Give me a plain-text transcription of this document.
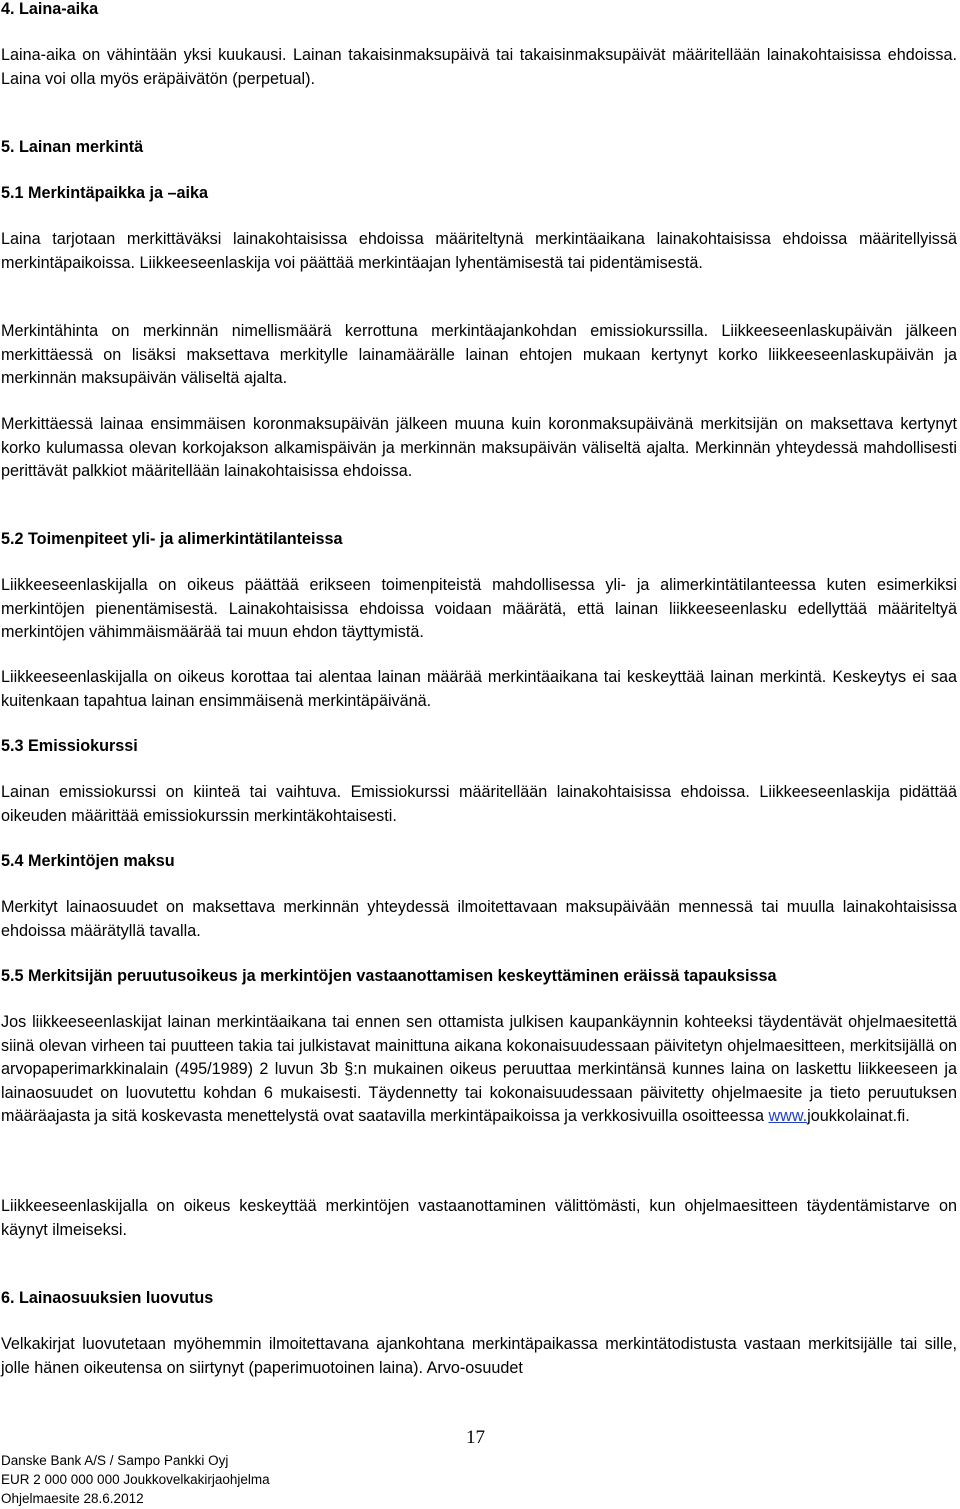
4. Laina-aika
Laina-aika on vähintään yksi kuukausi. Lainan takaisinmaksupäivä tai takaisinmaksupäivät määritellään lainakohtaisissa ehdoissa. Laina voi olla myös eräpäivätön (perpetual).
5. Lainan merkintä
5.1 Merkintäpaikka ja –aika
Laina tarjotaan merkittäväksi lainakohtaisissa ehdoissa määriteltynä merkintäaikana lainakohtaisissa ehdoissa määritellyissä merkintäpaikoissa. Liikkeeseenlaskija voi päättää merkintäajan lyhentämisestä tai pidentämisestä.
Merkintähinta on merkinnän nimellismäärä kerrottuna merkintäajankohdan emissiokurssilla. Liikkeeseenlaskupäivän jälkeen merkittäessä on lisäksi maksettava merkitylle lainamäärälle lainan ehtojen mukaan kertynyt korko liikkeeseenlaskupäivän ja merkinnän maksupäivän väliseltä ajalta.
Merkittäessä lainaa ensimmäisen koronmaksupäivän jälkeen muuna kuin koronmaksupäivänä merkitsijän on maksettava kertynyt korko kulumassa olevan korkojakson alkamispäivän ja merkinnän maksupäivän väliseltä ajalta. Merkinnän yhteydessä mahdollisesti perittävät palkkiot määritellään lainakohtaisissa ehdoissa.
5.2 Toimenpiteet yli- ja alimerkintätilanteissa
Liikkeeseenlaskijalla on oikeus päättää erikseen toimenpiteistä mahdollisessa yli- ja alimerkintätilanteessa kuten esimerkiksi merkintöjen pienentämisestä. Lainakohtaisissa ehdoissa voidaan määrätä, että lainan liikkeeseenlasku edellyttää määriteltyä merkintöjen vähimmäismäärää tai muun ehdon täyttymistä.
Liikkeeseenlaskijalla on oikeus korottaa tai alentaa lainan määrää merkintäaikana tai keskeyttää lainan merkintä. Keskeytys ei saa kuitenkaan tapahtua lainan ensimmäisenä merkintäpäivänä.
5.3 Emissiokurssi
Lainan emissiokurssi on kiinteä tai vaihtuva. Emissiokurssi määritellään lainakohtaisissa ehdoissa. Liikkeeseenlaskija pidättää oikeuden määrittää emissiokurssin merkintäkohtaisesti.
5.4 Merkintöjen maksu
Merkityt lainaosuudet on maksettava merkinnän yhteydessä ilmoitettavaan maksupäivään mennessä tai muulla lainakohtaisissa ehdoissa määrätyllä tavalla.
5.5 Merkitsijän peruutusoikeus ja merkintöjen vastaanottamisen keskeyttäminen eräissä tapauksissa
Jos liikkeeseenlaskijat lainan merkintäaikana tai ennen sen ottamista julkisen kaupankäynnin kohteeksi täydentävät ohjelmaesitettä siinä olevan virheen tai puutteen takia tai julkistavat mainittuna aikana kokonaisuudessaan päivitetyn ohjelmaesitteen, merkitsijällä on arvopaperimarkkinalain (495/1989) 2 luvun 3b §:n mukainen oikeus peruuttaa merkintänsä kunnes laina on laskettu liikkeeseen ja lainaosuudet on luovutettu kohdan 6 mukaisesti. Täydennetty tai kokonaisuudessaan päivitetty ohjelmaesite ja tieto peruutuksen määräajasta ja sitä koskevasta menettelystä ovat saatavilla merkintäpaikoissa ja verkkosivuilla osoitteessa www.joukkolainat.fi.
Liikkeeseenlaskijalla on oikeus keskeyttää merkintöjen vastaanottaminen välittömästi, kun ohjelmaesitteen täydentämistarve on käynyt ilmeiseksi.
6. Lainaosuuksien luovutus
Velkakirjat luovutetaan myöhemmin ilmoitettavana ajankohtana merkintäpaikassa merkintätodistusta vastaan merkitsijälle tai sille, jolle hänen oikeutensa on siirtynyt (paperimuotoinen laina). Arvo-osuudet
17
Danske Bank A/S / Sampo Pankki Oyj
EUR 2 000 000 000 Joukkovelkakirjaohjelma
Ohjelmaesite 28.6.2012
